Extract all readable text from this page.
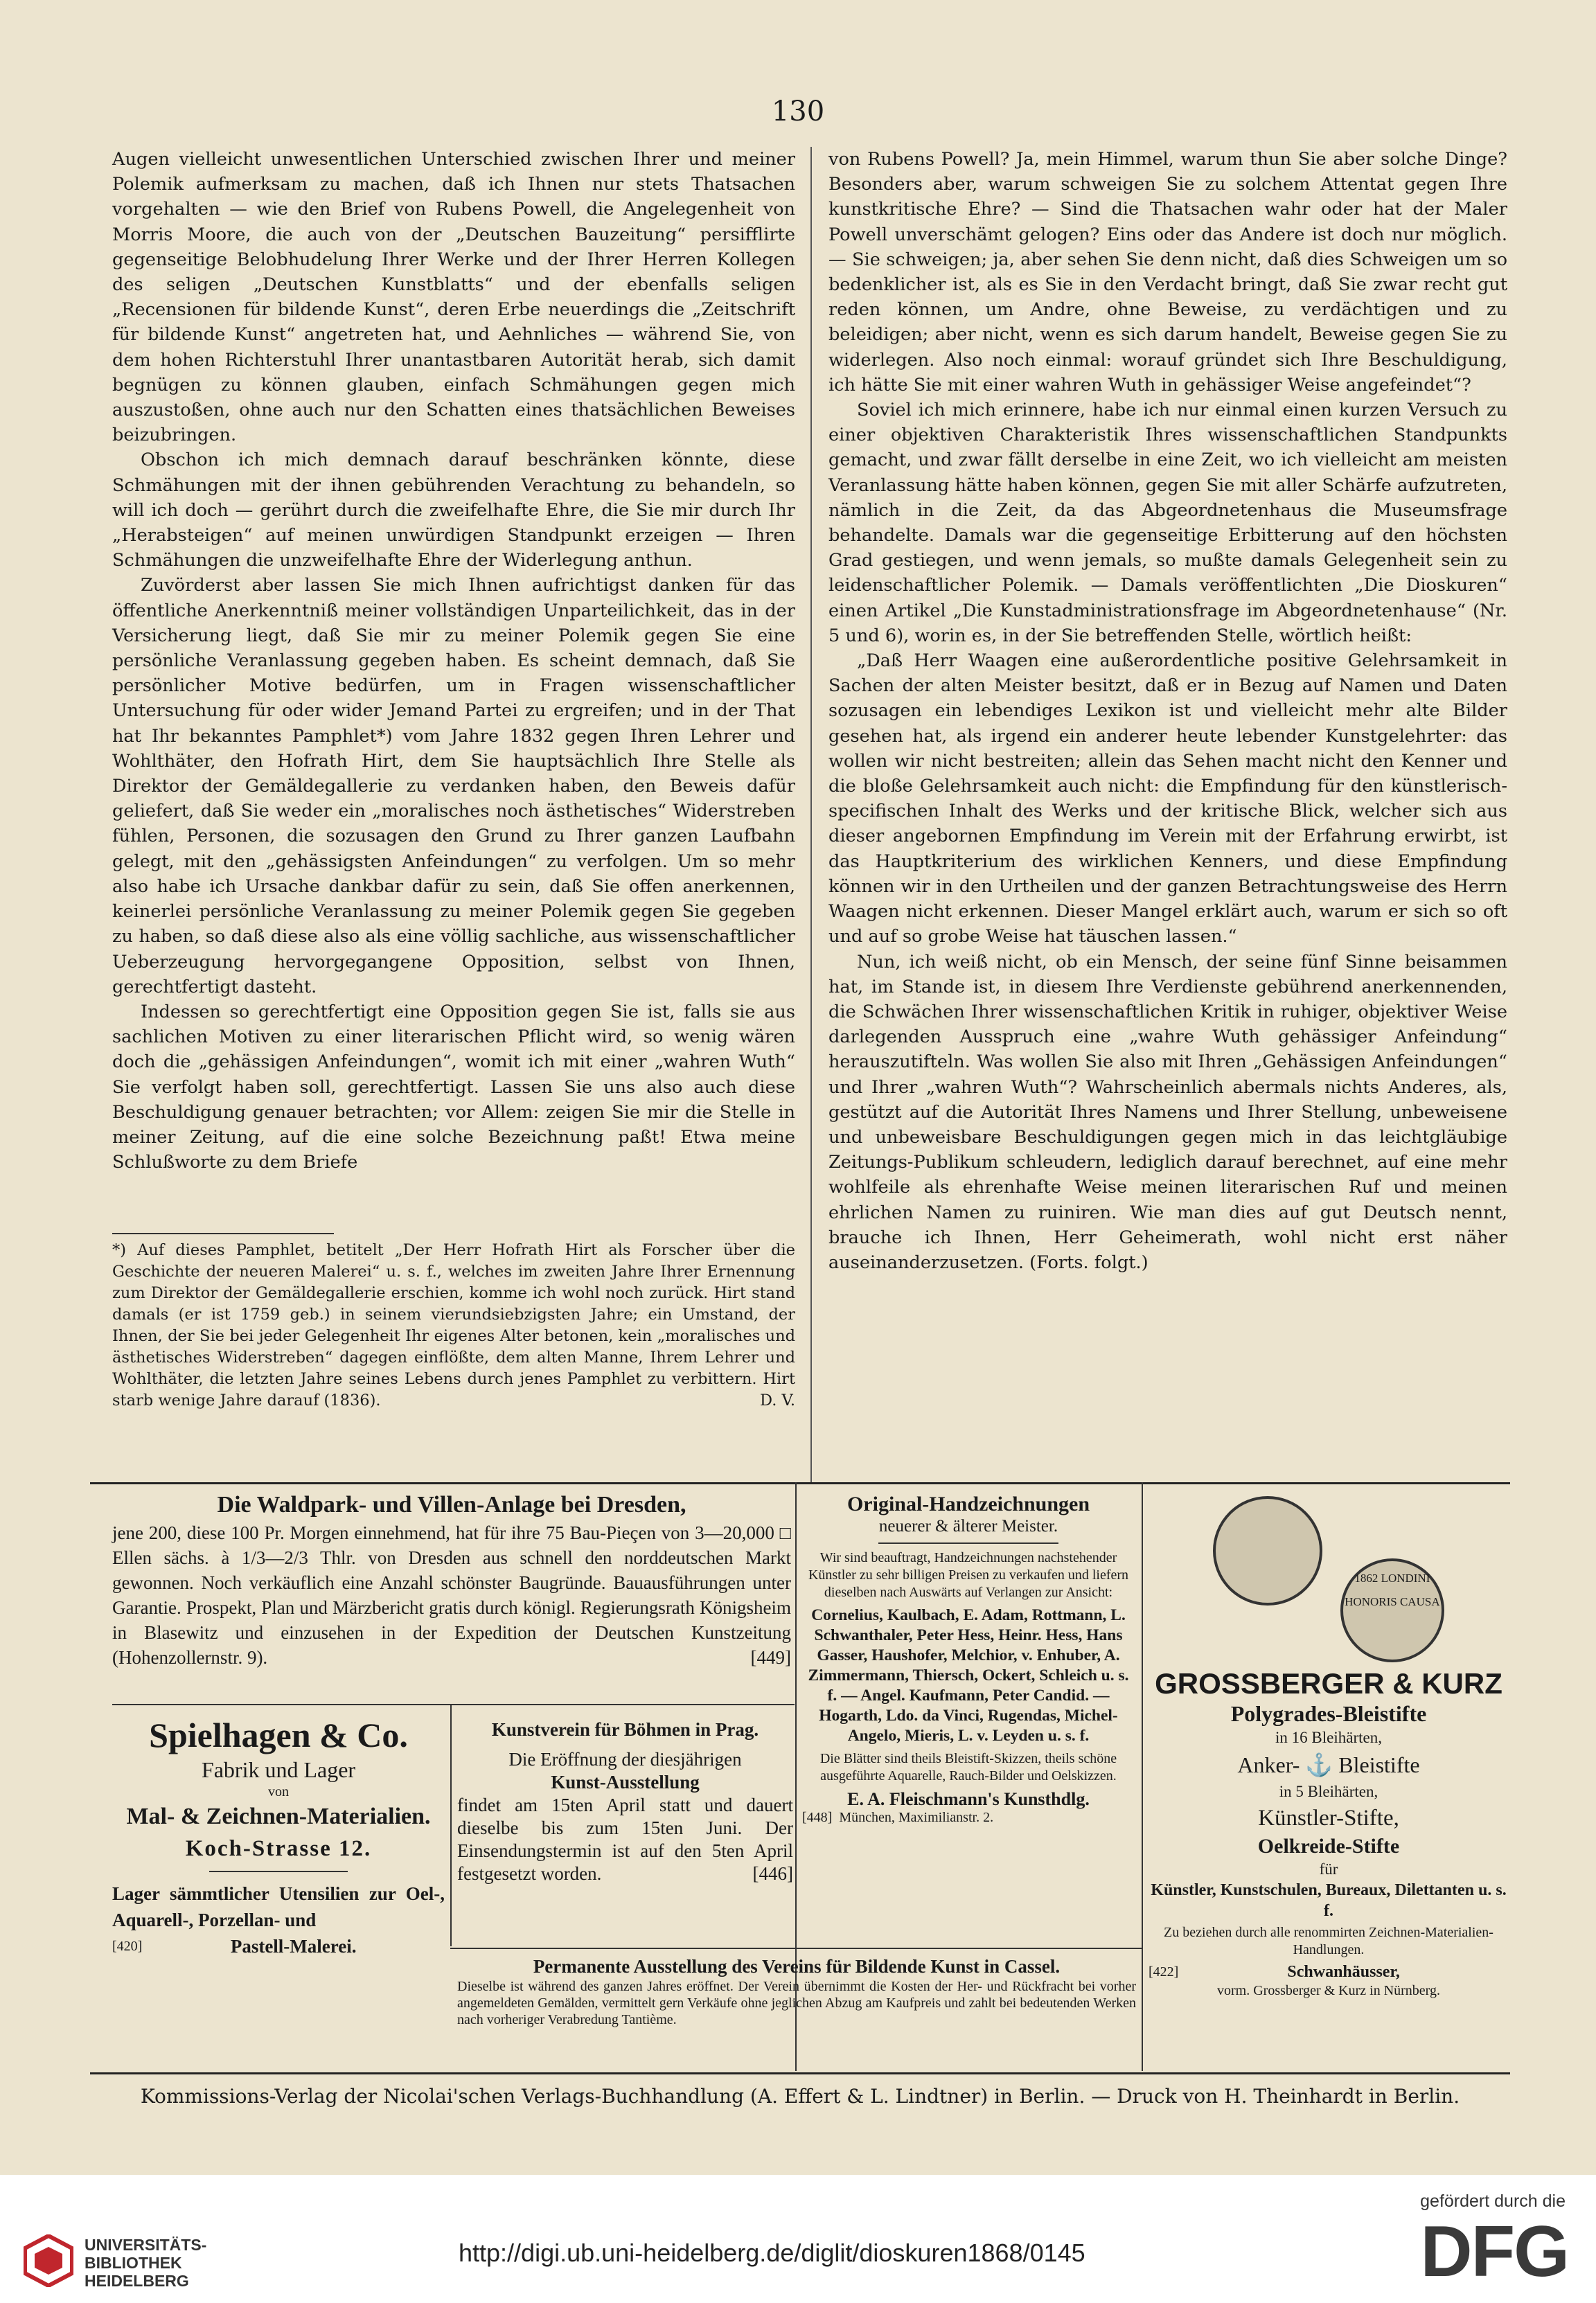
130

Augen vielleicht unwesentlichen Unterschied zwischen Ihrer und meiner Polemik aufmerksam zu machen, daß ich Ihnen nur stets Thatsachen vorgehalten — wie den Brief von Rubens Powell, die Angelegenheit von Morris Moore, die auch von der „Deutschen Bauzeitung“ persifflirte gegenseitige Belobhudelung Ihrer Werke und der Ihrer Herren Kollegen des seligen „Deutschen Kunstblatts“ und der ebenfalls seligen „Recensionen für bildende Kunst“, deren Erbe neuerdings die „Zeitschrift für bildende Kunst“ angetreten hat, und Aehnliches — während Sie, von dem hohen Richterstuhl Ihrer unantastbaren Autorität herab, sich damit begnügen zu können glauben, einfach Schmähungen gegen mich auszustoßen, ohne auch nur den Schatten eines thatsächlichen Beweises beizubringen.

Obschon ich mich demnach darauf beschränken könnte, diese Schmähungen mit der ihnen gebührenden Verachtung zu behandeln, so will ich doch — gerührt durch die zweifelhafte Ehre, die Sie mir durch Ihr „Herabsteigen“ auf meinen unwürdigen Standpunkt erzeigen — Ihren Schmähungen die unzweifelhafte Ehre der Widerlegung anthun.

Zuvörderst aber lassen Sie mich Ihnen aufrichtigst danken für das öffentliche Anerkenntniß meiner vollständigen Unparteilichkeit, das in der Versicherung liegt, daß Sie mir zu meiner Polemik gegen Sie eine persönliche Veranlassung gegeben haben. Es scheint demnach, daß Sie persönlicher Motive bedürfen, um in Fragen wissenschaftlicher Untersuchung für oder wider Jemand Partei zu ergreifen; und in der That hat Ihr bekanntes Pamphlet*) vom Jahre 1832 gegen Ihren Lehrer und Wohlthäter, den Hofrath Hirt, dem Sie hauptsächlich Ihre Stelle als Direktor der Gemäldegallerie zu verdanken haben, den Beweis dafür geliefert, daß Sie weder ein „moralisches noch ästhetisches“ Widerstreben fühlen, Personen, die sozusagen den Grund zu Ihrer ganzen Laufbahn gelegt, mit den „gehässigsten Anfeindungen“ zu verfolgen. Um so mehr also habe ich Ursache dankbar dafür zu sein, daß Sie offen anerkennen, keinerlei persönliche Veranlassung zu meiner Polemik gegen Sie gegeben zu haben, so daß diese also als eine völlig sachliche, aus wissenschaftlicher Ueberzeugung hervorgegangene Opposition, selbst von Ihnen, gerechtfertigt dasteht.

Indessen so gerechtfertigt eine Opposition gegen Sie ist, falls sie aus sachlichen Motiven zu einer literarischen Pflicht wird, so wenig wären doch die „gehässigen Anfeindungen“, womit ich mit einer „wahren Wuth“ Sie verfolgt haben soll, gerechtfertigt. Lassen Sie uns also auch diese Beschuldigung genauer betrachten; vor Allem: zeigen Sie mir die Stelle in meiner Zeitung, auf die eine solche Bezeichnung paßt! Etwa meine Schlußworte zu dem Briefe

*) Auf dieses Pamphlet, betitelt „Der Herr Hofrath Hirt als Forscher über die Geschichte der neueren Malerei“ u. s. f., welches im zweiten Jahre Ihrer Ernennung zum Direktor der Gemäldegallerie erschien, komme ich wohl noch zurück. Hirt stand damals (er ist 1759 geb.) in seinem vierundsiebzigsten Jahre; ein Umstand, der Ihnen, der Sie bei jeder Gelegenheit Ihr eigenes Alter betonen, kein „moralisches und ästhetisches Widerstreben“ dagegen einflößte, dem alten Manne, Ihrem Lehrer und Wohlthäter, die letzten Jahre seines Lebens durch jenes Pamphlet zu verbittern. Hirt starb wenige Jahre darauf (1836).	D. V.

von Rubens Powell? Ja, mein Himmel, warum thun Sie aber solche Dinge? Besonders aber, warum schweigen Sie zu solchem Attentat gegen Ihre kunstkritische Ehre? — Sind die Thatsachen wahr oder hat der Maler Powell unverschämt gelogen? Eins oder das Andere ist doch nur möglich. — Sie schweigen; ja, aber sehen Sie denn nicht, daß dies Schweigen um so bedenklicher ist, als es Sie in den Verdacht bringt, daß Sie zwar recht gut reden können, um Andre, ohne Beweise, zu verdächtigen und zu beleidigen; aber nicht, wenn es sich darum handelt, Beweise gegen Sie zu widerlegen. Also noch einmal: worauf gründet sich Ihre Beschuldigung, ich hätte Sie mit einer wahren Wuth in gehässiger Weise angefeindet“?

Soviel ich mich erinnere, habe ich nur einmal einen kurzen Versuch zu einer objektiven Charakteristik Ihres wissenschaftlichen Standpunkts gemacht, und zwar fällt derselbe in eine Zeit, wo ich vielleicht am meisten Veranlassung hätte haben können, gegen Sie mit aller Schärfe aufzutreten, nämlich in die Zeit, da das Abgeordnetenhaus die Museumsfrage behandelte. Damals war die gegenseitige Erbitterung auf den höchsten Grad gestiegen, und wenn jemals, so mußte damals Gelegenheit sein zu leidenschaftlicher Polemik. — Damals veröffentlichten „Die Dioskuren“ einen Artikel „Die Kunstadministrationsfrage im Abgeordnetenhause“ (Nr. 5 und 6), worin es, in der Sie betreffenden Stelle, wörtlich heißt:

„Daß Herr Waagen eine außerordentliche positive Gelehrsamkeit in Sachen der alten Meister besitzt, daß er in Bezug auf Namen und Daten sozusagen ein lebendiges Lexikon ist und vielleicht mehr alte Bilder gesehen hat, als irgend ein anderer heute lebender Kunstgelehrter: das wollen wir nicht bestreiten; allein das Sehen macht nicht den Kenner und die bloße Gelehrsamkeit auch nicht: die Empfindung für den künstlerisch-specifischen Inhalt des Werks und der kritische Blick, welcher sich aus dieser angebornen Empfindung im Verein mit der Erfahrung erwirbt, ist das Hauptkriterium des wirklichen Kenners, und diese Empfindung können wir in den Urtheilen und der ganzen Betrachtungsweise des Herrn Waagen nicht erkennen. Dieser Mangel erklärt auch, warum er sich so oft und auf so grobe Weise hat täuschen lassen.“

Nun, ich weiß nicht, ob ein Mensch, der seine fünf Sinne beisammen hat, im Stande ist, in diesem Ihre Verdienste gebührend anerkennenden, die Schwächen Ihrer wissenschaftlichen Kritik in ruhiger, objektiver Weise darlegenden Ausspruch eine „wahre Wuth gehässiger Anfeindung“ herauszutifteln. Was wollen Sie also mit Ihren „Gehässigen Anfeindungen“ und Ihrer „wahren Wuth“? Wahrscheinlich abermals nichts Anderes, als, gestützt auf die Autorität Ihres Namens und Ihrer Stellung, unbeweisene und unbeweisbare Beschuldigungen gegen mich in das leichtgläubige Zeitungs-Publikum schleudern, lediglich darauf berechnet, auf eine mehr wohlfeile als ehrenhafte Weise meinen literarischen Ruf und meinen ehrlichen Namen zu ruiniren. Wie man dies auf gut Deutsch nennt, brauche ich Ihnen, Herr Geheimerath, wohl nicht erst näher auseinanderzusetzen. (Forts. folgt.)

Die Waldpark- und Villen-Anlage bei Dresden,
jene 200, diese 100 Pr. Morgen einnehmend, hat für ihre 75 Bau-Pieçen von 3—20,000 □ Ellen sächs. à 1/3—2/3 Thlr. von Dresden aus schnell den norddeutschen Markt gewonnen. Noch verkäuflich eine Anzahl schönster Baugründe. Bauausführungen unter Garantie. Prospekt, Plan und Märzbericht gratis durch königl. Regierungsrath Königsheim in Blasewitz und einzusehen in der Expedition der Deutschen Kunstzeitung (Hohenzollernstr. 9).	[449]
Original-Handzeichnungen
neuerer & älterer Meister.
Wir sind beauftragt, Handzeichnungen nachstehender Künstler zu sehr billigen Preisen zu verkaufen und liefern dieselben nach Auswärts auf Verlangen zur Ansicht:
Cornelius, Kaulbach, E. Adam, Rottmann, L. Schwanthaler, Peter Hess, Heinr. Hess, Hans Gasser, Haushofer, Melchior, v. Enhuber, A. Zimmermann, Thiersch, Ockert, Schleich u. s. f. — Angel. Kaufmann, Peter Candid. — Hogarth, Ldo. da Vinci, Rugendas, Michel-Angelo, Mieris, L. v. Leyden u. s. f.
Die Blätter sind theils Bleistift-Skizzen, theils schöne ausgeführte Aquarelle, Rauch-Bilder und Oelskizzen.
E. A. Fleischmann's Kunsthdlg.
[448] München, Maximilianstr. 2.
1862 LONDINI HONORIS CAUSA
GROSSBERGER & KURZ
Polygrades-Bleistifte
in 16 Bleihärten,
Anker- ⚓ Bleistifte
in 5 Bleihärten,
Künstler-Stifte,
Oelkreide-Stifte
für
Künstler, Kunstschulen, Bureaux, Dilettanten u. s. f.
Zu beziehen durch alle renommirten Zeichnen-Materialien-Handlungen.
[422]	Schwanhäusser,
vorm. Grossberger & Kurz in Nürnberg.
Spielhagen & Co.
Fabrik und Lager
von
Mal- & Zeichnen-Materialien.
Koch-Strasse 12.
Lager sämmtlicher Utensilien zur Oel-, Aquarell-, Porzellan- und
[420]	Pastell-Malerei.
Kunstverein für Böhmen in Prag.
Die Eröffnung der diesjährigen
Kunst-Ausstellung
findet am 15ten April statt und dauert dieselbe bis zum 15ten Juni. Der Einsendungstermin ist auf den 5ten April festgesetzt worden.	[446]
Permanente Ausstellung des Vereins für Bildende Kunst in Cassel.
Dieselbe ist während des ganzen Jahres eröffnet. Der Verein übernimmt die Kosten der Her- und Rückfracht bei vorher angemeldeten Gemälden, vermittelt gern Verkäufe ohne jeglichen Abzug am Kaufpreis und zahlt bei bedeutenden Werken nach vorheriger Verabredung Tantième.
Kommissions-Verlag der Nicolai'schen Verlags-Buchhandlung (A. Effert & L. Lindtner) in Berlin. — Druck von H. Theinhardt in Berlin.
UNIVERSITÄTS-
BIBLIOTHEK
HEIDELBERG
http://digi.ub.uni-heidelberg.de/diglit/dioskuren1868/0145
gefördert durch die
DFG
